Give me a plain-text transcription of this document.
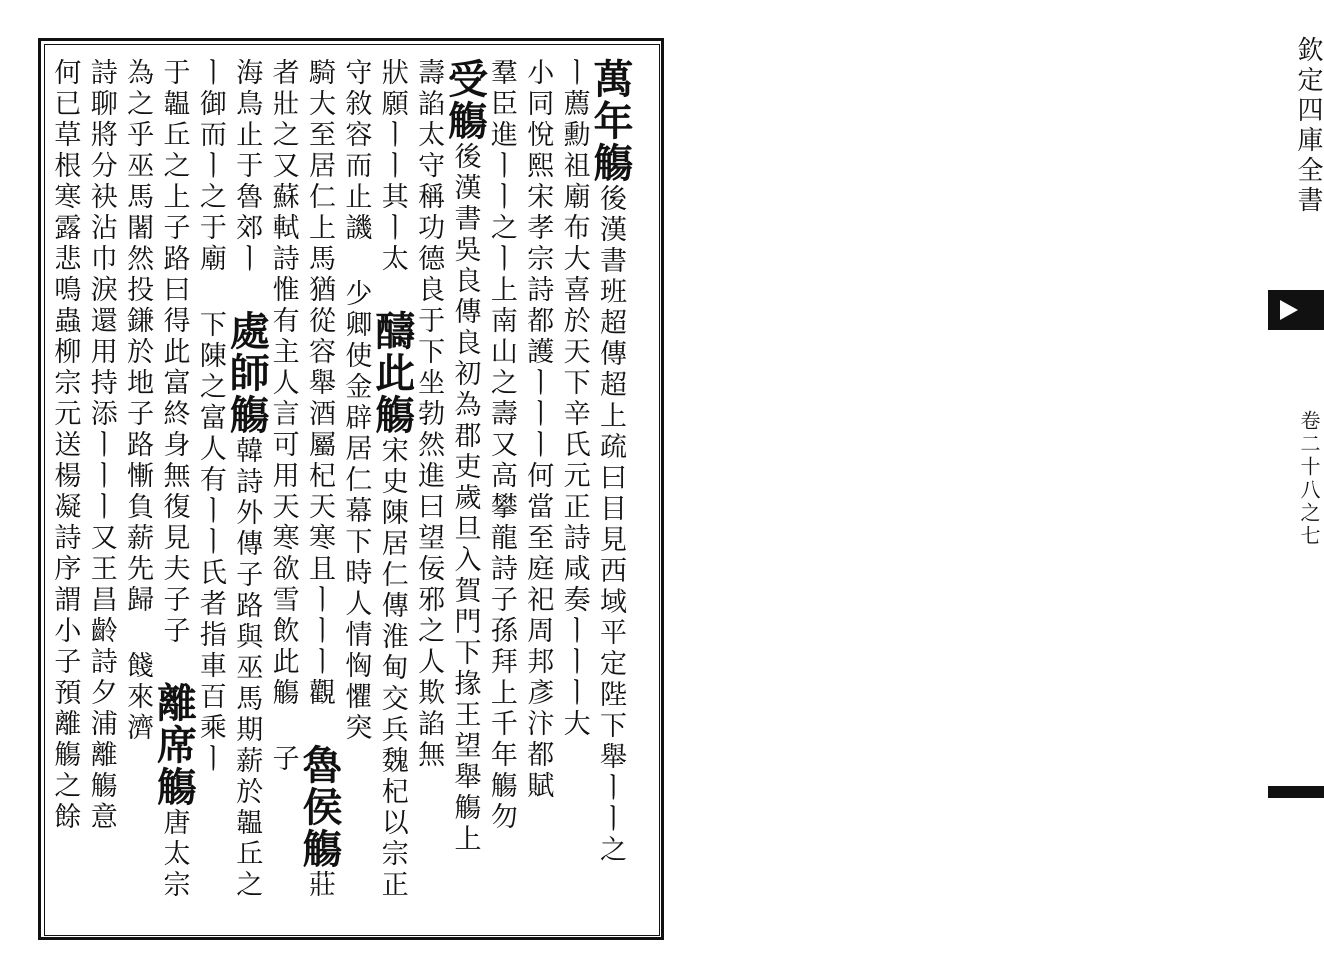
欽定四庫全書
卷二十八之七
萬年觴後漢書班超傳超上疏曰目見西域平定陛下舉ㅣㅣ之
ㅣ薦勳祖廟布大喜於天下辛氏元正詩咸奏ㅣㅣㅣ大
小同悅熙宋孝宗詩都護ㅣㅣㅣ何當至庭祀周邦彥汴都賦
羣臣進ㅣㅣ之ㅣ上南山之壽又高攀龍詩子孫拜上千年觴勿
受觴後漢書吳良傳良初為郡吏歲旦入賀門下掾王望舉觴上
壽諂太守稱功德良于下坐勃然進曰望佞邪之人欺諂無
狀願ㅣㅣ其ㅣ太 醻此觴宋史陳居仁傳淮甸交兵魏杞以宗正
守敘容而止譏 少卿使金辟居仁幕下時人情恟懼突
騎大至居仁上馬猶從容舉酒屬杞天寒且ㅣㅣㅣ觀 魯侯觴莊
者壯之又蘇軾詩惟有主人言可用天寒欲雪飲此觴 子
海鳥止于魯郊ㅣ 處師觴韓詩外傳子路與巫馬期薪於韞丘之
ㅣ御而ㅣ之于廟 下陳之富人有ㅣㅣ氏者指車百乘ㅣ
于韞丘之上子路曰得此富終身無復見夫子子 離席觴唐太宗
為之乎巫馬闍然投鎌於地子路慚負薪先歸 餞來濟
詩聊將分袂沾巾淚還用持添ㅣㅣㅣ又王昌齡詩夕浦離觴意
何已草根寒露悲鳴蟲柳宗元送楊凝詩序謂小子預離觴之餘
